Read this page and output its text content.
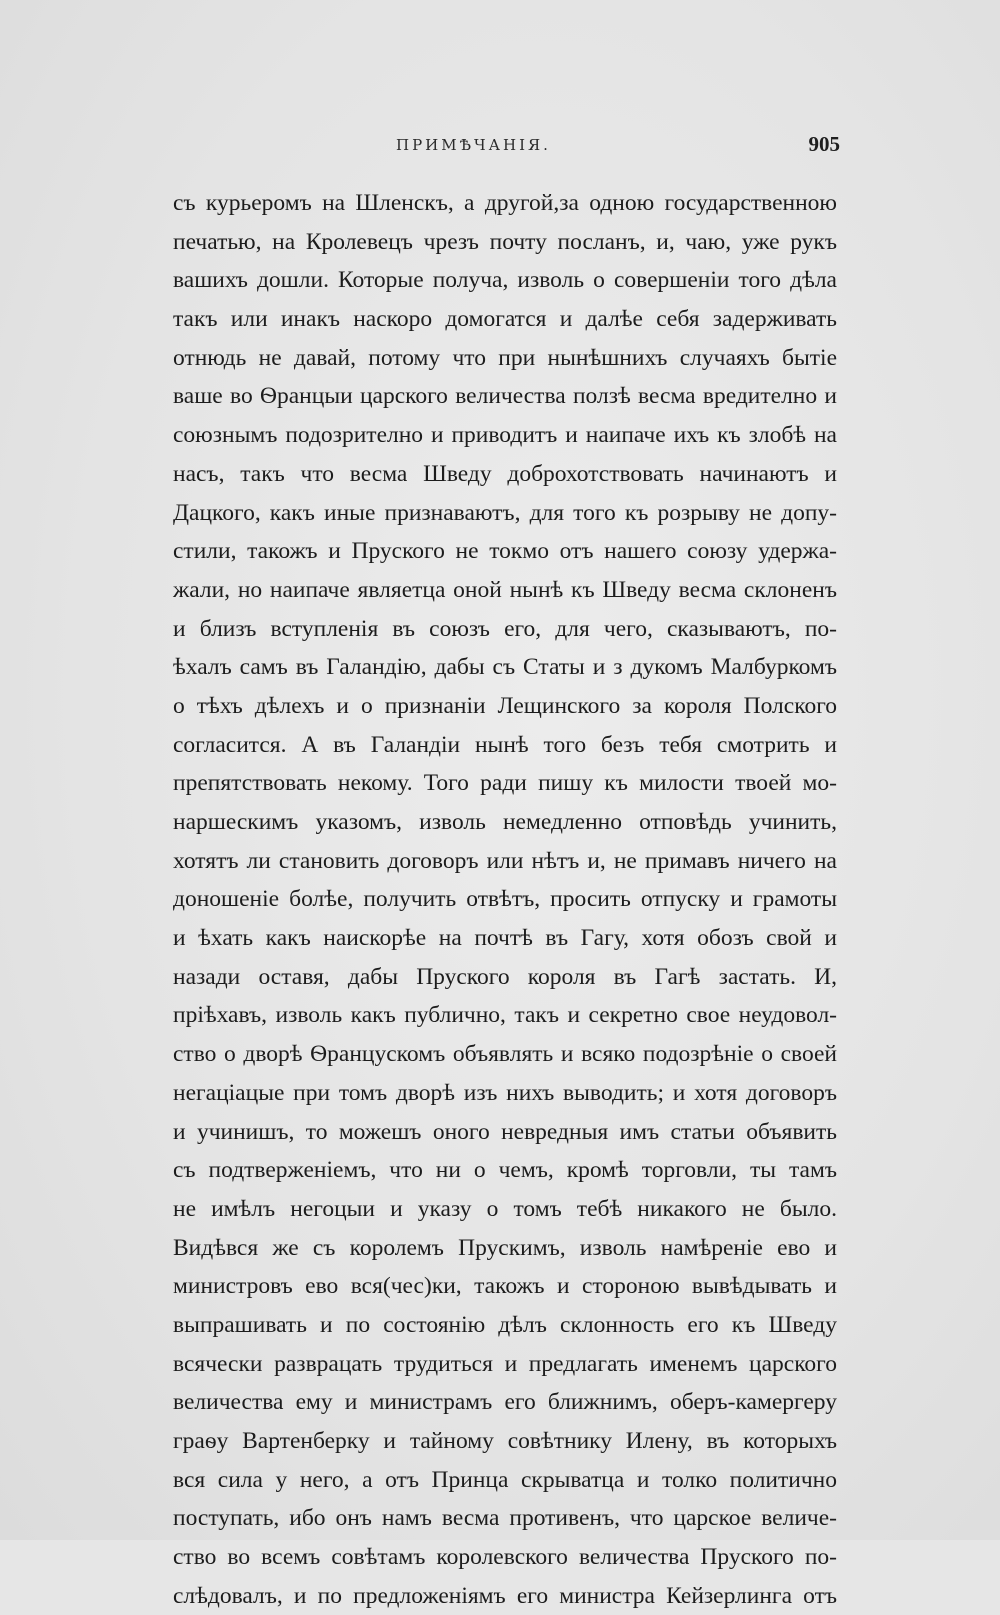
ПРИМѢЧАНІЯ.	905
съ курьеромъ на Шленскъ, а другой,за одною государственною
печатью, на Кролевецъ чрезъ почту посланъ, и, чаю, уже рукъ
вашихъ дошли. Которые получа, изволь о совершеніи того дѣла
такъ или инакъ наскоро домогатся и далѣе себя задерживать
отнюдь не давай, потому что при нынѣшнихъ случаяхъ бытіе
ваше во Ѳранцыи царского величества ползѣ весма вредително и
союзнымъ подозрително и приводитъ и наипаче ихъ къ злобѣ на
насъ, такъ что весма Шведу доброхотствовать начинаютъ и
Дацкого, какъ иные признаваютъ, для того къ розрыву не допу-
стили, такожъ и Пруского не токмо отъ нашего союзу удержа-
жали, но наипаче являетца оной нынѣ къ Шведу весма склоненъ
и близъ вступленія въ союзъ его, для чего, сказываютъ, по-
ѣхалъ самъ въ Галандію, дабы съ Статы и з дукомъ Малбуркомъ
о тѣхъ дѣлехъ и о признаніи Лещинского за короля Полского
согласится. А въ Галандіи нынѣ того безъ тебя смотрить и
препятствовать некому. Того ради пишу къ милости твоей мо-
наршескимъ указомъ, изволь немедленно отповѣдь учинить,
хотятъ ли становить договоръ или нѣтъ и, не примавъ ничего на
доношеніе болѣе, получить отвѣтъ, просить отпуску и грамоты
и ѣхать какъ наискорѣе на почтѣ въ Гагу, хотя обозъ свой и
назади оставя, дабы Пруского короля въ Гагѣ застать. И,
пріѣхавъ, изволь какъ публично, такъ и секретно свое неудовол-
ство о дворѣ Ѳранцускомъ объявлять и всяко подозрѣніе о своей
негаціацые при томъ дворѣ изъ нихъ выводить; и хотя договоръ
и учинишъ, то можешъ оного невредныя имъ статьи объявить
съ подтверженіемъ, что ни о чемъ, кромѣ торговли, ты тамъ
не имѣлъ негоцыи и указу о томъ тебѣ никакого не было.
Видѣвся же съ королемъ Прускимъ, изволь намѣреніе ево и
министровъ ево вся(чес)ки, такожъ и стороною вывѣдывать и
выпрашивать и по состоянію дѣлъ склонность его къ Шведу
всячески разврацать трудиться и предлагать именемъ царского
величества ему и министрамъ его ближнимъ, оберъ-камергеру
граѳу Вартенберку и тайному совѣтнику Илену, въ которыхъ
вся сила у него, а отъ Принца скрыватца и толко политично
поступать, ибо онъ намъ весма противенъ, что царское величе-
ство во всемъ совѣтамъ королевского величества Пруского по-
слѣдовалъ, и по предложеніямъ его министра Кейзерлинга отъ
